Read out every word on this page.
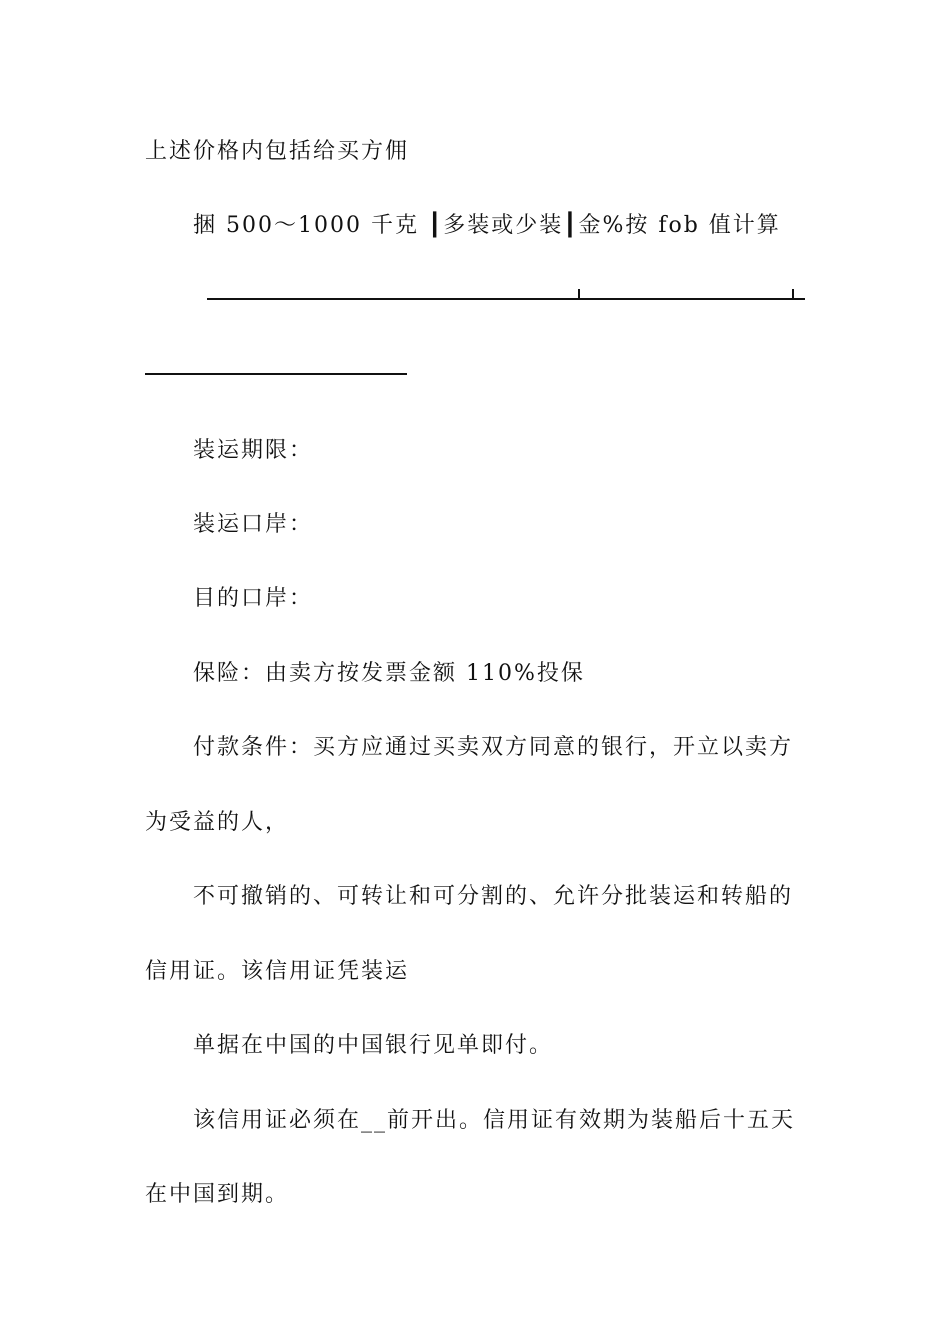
上述价格内包括给买方佣

捆 500～1000 千克 ┃多装或少装┃金%按 fob 值计算

装运期限：

装运口岸：

目的口岸：

保险：由卖方按发票金额 110%投保

付款条件：买方应通过买卖双方同意的银行，开立以卖方

为受益的人，

不可撤销的、可转让和可分割的、允许分批装运和转船的

信用证。该信用证凭装运

单据在中国的中国银行见单即付。

该信用证必须在__前开出。信用证有效期为装船后十五天

在中国到期。
